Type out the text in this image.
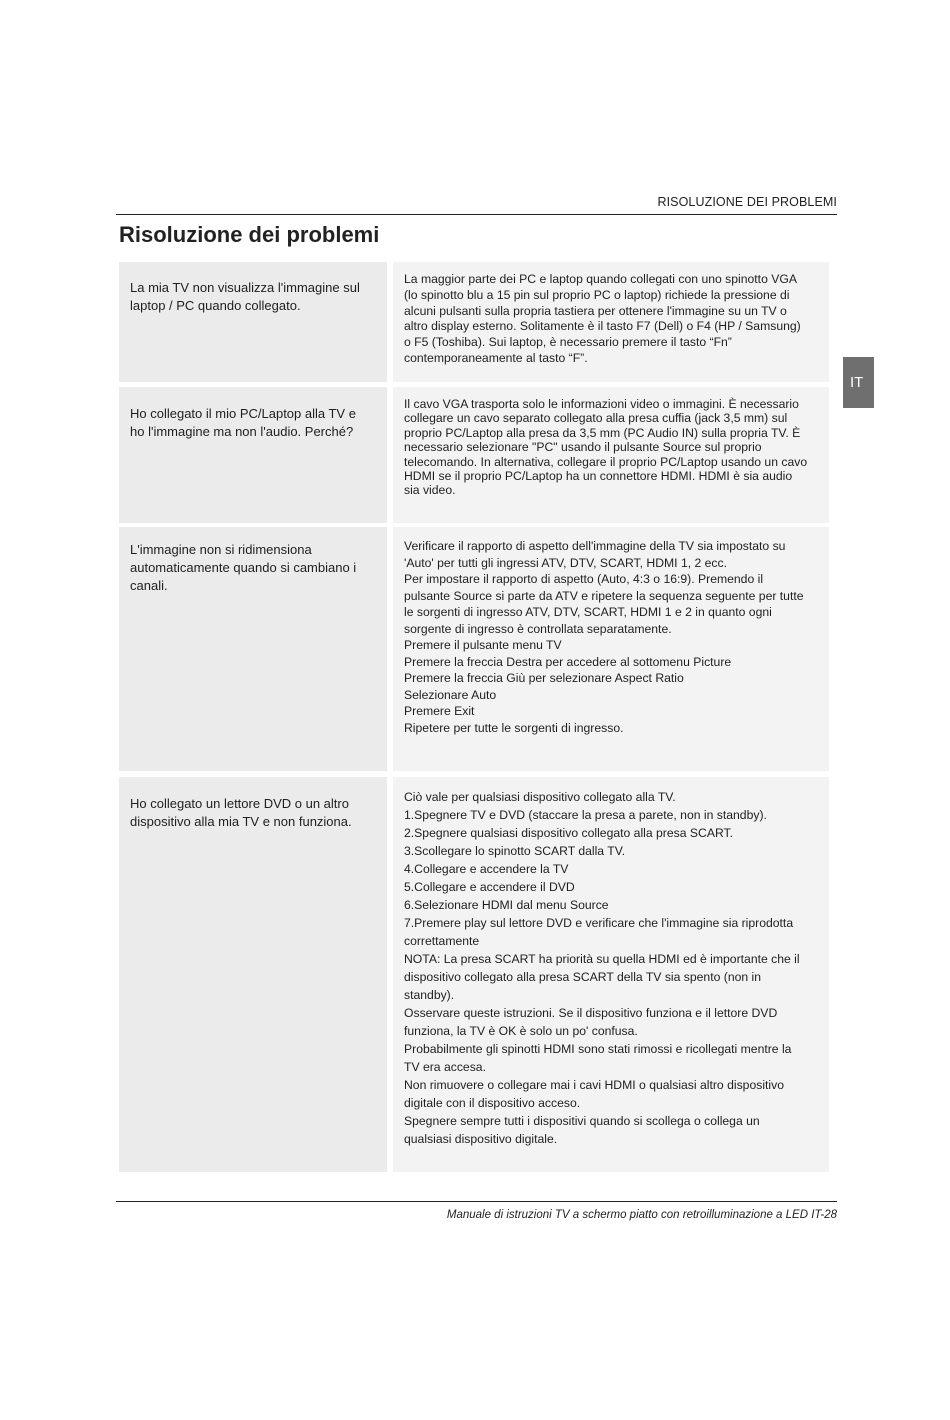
RISOLUZIONE DEI PROBLEMI
Risoluzione dei problemi
IT
La mia TV non visualizza l'immagine sul laptop / PC quando collegato.

La maggior parte dei PC e laptop quando collegati con uno spinotto VGA (lo spinotto blu a 15 pin sul proprio PC o laptop) richiede la pressione di alcuni pulsanti sulla propria tastiera per ottenere l'immagine su un TV o altro display esterno. Solitamente è il tasto F7 (Dell) o F4 (HP / Samsung) o F5 (Toshiba). Sui laptop, è necessario premere il tasto “Fn” contemporaneamente al tasto “F”.

Ho collegato il mio PC/Laptop alla TV e ho l'immagine ma non l'audio. Perché?

Il cavo VGA trasporta solo le informazioni video o immagini. È necessario collegare un cavo separato collegato alla presa cuffia (jack 3,5 mm) sul proprio PC/Laptop alla presa da 3,5 mm (PC Audio IN) sulla propria TV. È necessario selezionare "PC" usando il pulsante Source sul proprio telecomando. In alternativa, collegare il proprio PC/Laptop usando un cavo HDMI se il proprio PC/Laptop ha un connettore HDMI. HDMI è sia audio sia video.

L'immagine non si ridimensiona automaticamente quando si cambiano i canali.

Verificare il rapporto di aspetto dell'immagine della TV sia impostato su 'Auto' per tutti gli ingressi ATV, DTV, SCART, HDMI 1, 2 ecc.

Per impostare il rapporto di aspetto (Auto, 4:3 o 16:9). Premendo il pulsante Source si parte da ATV e ripetere la sequenza seguente per tutte le sorgenti di ingresso ATV, DTV, SCART, HDMI 1 e 2 in quanto ogni sorgente di ingresso è controllata separatamente.

Premere il pulsante menu TV

Premere la freccia Destra per accedere al sottomenu Picture

Premere la freccia Giù per selezionare Aspect Ratio

Selezionare Auto

Premere Exit

Ripetere per tutte le sorgenti di ingresso.

Ho collegato un lettore DVD o un altro dispositivo alla mia TV e non funziona.

Ciò vale per qualsiasi dispositivo collegato alla TV.

1.Spegnere TV e DVD (staccare la presa a parete, non in standby).

2.Spegnere qualsiasi dispositivo collegato alla presa SCART.

3.Scollegare lo spinotto SCART dalla TV.

4.Collegare e accendere la TV

5.Collegare e accendere il DVD

6.Selezionare HDMI dal menu Source

7.Premere play sul lettore DVD e verificare che l'immagine sia riprodotta correttamente

NOTA: La presa SCART ha priorità su quella HDMI ed è importante che il dispositivo collegato alla presa SCART della TV sia spento (non in standby).

Osservare queste istruzioni. Se il dispositivo funziona e il lettore DVD funziona, la TV è OK è solo un po' confusa.

Probabilmente gli spinotti HDMI sono stati rimossi e ricollegati mentre la TV era accesa.

Non rimuovere o collegare mai i cavi HDMI o qualsiasi altro dispositivo digitale con il dispositivo acceso.

Spegnere sempre tutti i dispositivi quando si scollega o collega un qualsiasi dispositivo digitale.

Manuale di istruzioni TV a schermo piatto con retroilluminazione a LED IT-28
